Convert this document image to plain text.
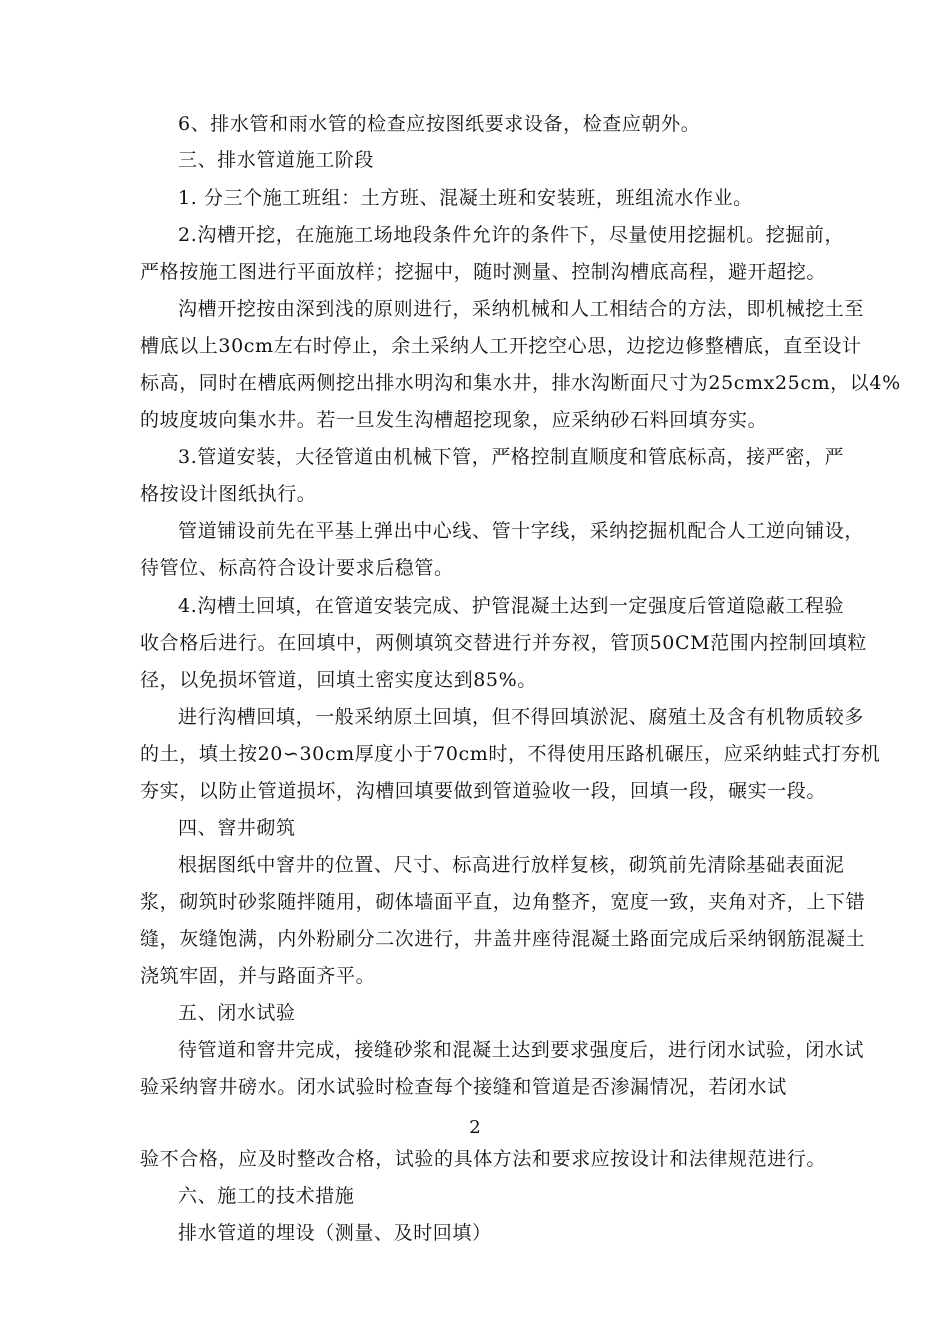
6、排水管和雨水管的检查应按图纸要求设备，检查应朝外。
三、排水管道施工阶段
1. 分三个施工班组：土方班、混凝土班和安装班，班组流水作业。
2.沟槽开挖，在施施工场地段条件允许的条件下，尽量使用挖掘机。挖掘前，
严格按施工图进行平面放样；挖掘中，随时测量、控制沟槽底高程，避开超挖。
沟槽开挖按由深到浅的原则进行，采纳机械和人工相结合的方法，即机械挖土至
槽底以上30cm左右时停止，余土采纳人工开挖空心思，边挖边修整槽底，直至设计
标高，同时在槽底两侧挖出排水明沟和集水井，排水沟断面尺寸为25cmx25cm，以4%
的坡度坡向集水井。若一旦发生沟槽超挖现象，应采纳砂石料回填夯实。
3.管道安装，大径管道由机械下管，严格控制直顺度和管底标高，接严密，严
格按设计图纸执行。
管道铺设前先在平基上弹出中心线、管十字线，采纳挖掘机配合人工逆向铺设，
待管位、标高符合设计要求后稳管。
4.沟槽土回填，在管道安装完成、护管混凝土达到一定强度后管道隐蔽工程验
收合格后进行。在回填中，两侧填筑交替进行并夯衩，管顶50CM范围内控制回填粒
径，以免损坏管道，回填土密实度达到85%。
进行沟槽回填，一般采纳原土回填，但不得回填淤泥、腐殖土及含有机物质较多
的土，填土按20∽30cm厚度小于70cm时，不得使用压路机碾压，应采纳蛙式打夯机
夯实，以防止管道损坏，沟槽回填要做到管道验收一段，回填一段，碾实一段。
四、窨井砌筑
根据图纸中窨井的位置、尺寸、标高进行放样复核，砌筑前先清除基础表面泥
浆，砌筑时砂浆随拌随用，砌体墙面平直，边角整齐，宽度一致，夹角对齐，上下错
缝，灰缝饱满，内外粉刷分二次进行，井盖井座待混凝土路面完成后采纳钢筋混凝土
浇筑牢固，并与路面齐平。
五、闭水试验
待管道和窨井完成，接缝砂浆和混凝土达到要求强度后，进行闭水试验，闭水试
验采纳窨井磅水。闭水试验时检查每个接缝和管道是否渗漏情况，若闭水试
2
验不合格，应及时整改合格，试验的具体方法和要求应按设计和法律规范进行。
六、施工的技术措施
排水管道的埋设（测量、及时回填）
